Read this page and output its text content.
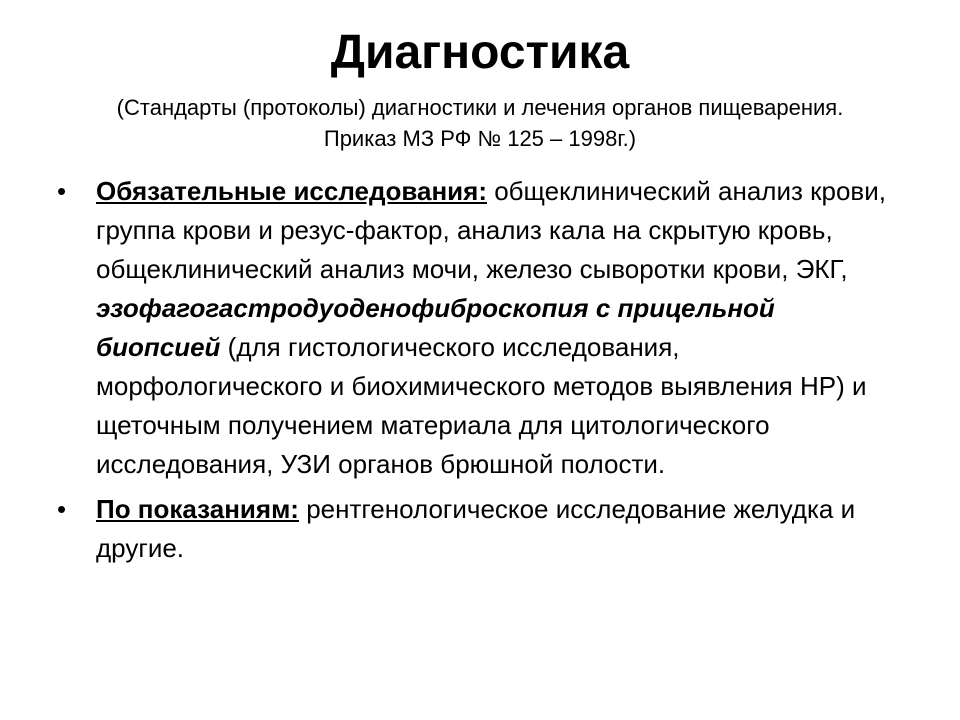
Диагностика
(Стандарты (протоколы) диагностики и лечения органов пищеварения. Приказ МЗ РФ № 125 – 1998г.)
• Обязательные исследования: общеклинический анализ крови, группа крови и резус-фактор, анализ кала на скрытую кровь, общеклинический анализ мочи, железо сыворотки крови, ЭКГ, эзофагогастродуоденофиброскопия с прицельной биопсией (для гистологического исследования, морфологического и биохимического методов выявления HP) и щеточным получением материала для цитологического исследования, УЗИ органов брюшной полости.
• По показаниям: рентгенологическое исследование желудка и другие.
